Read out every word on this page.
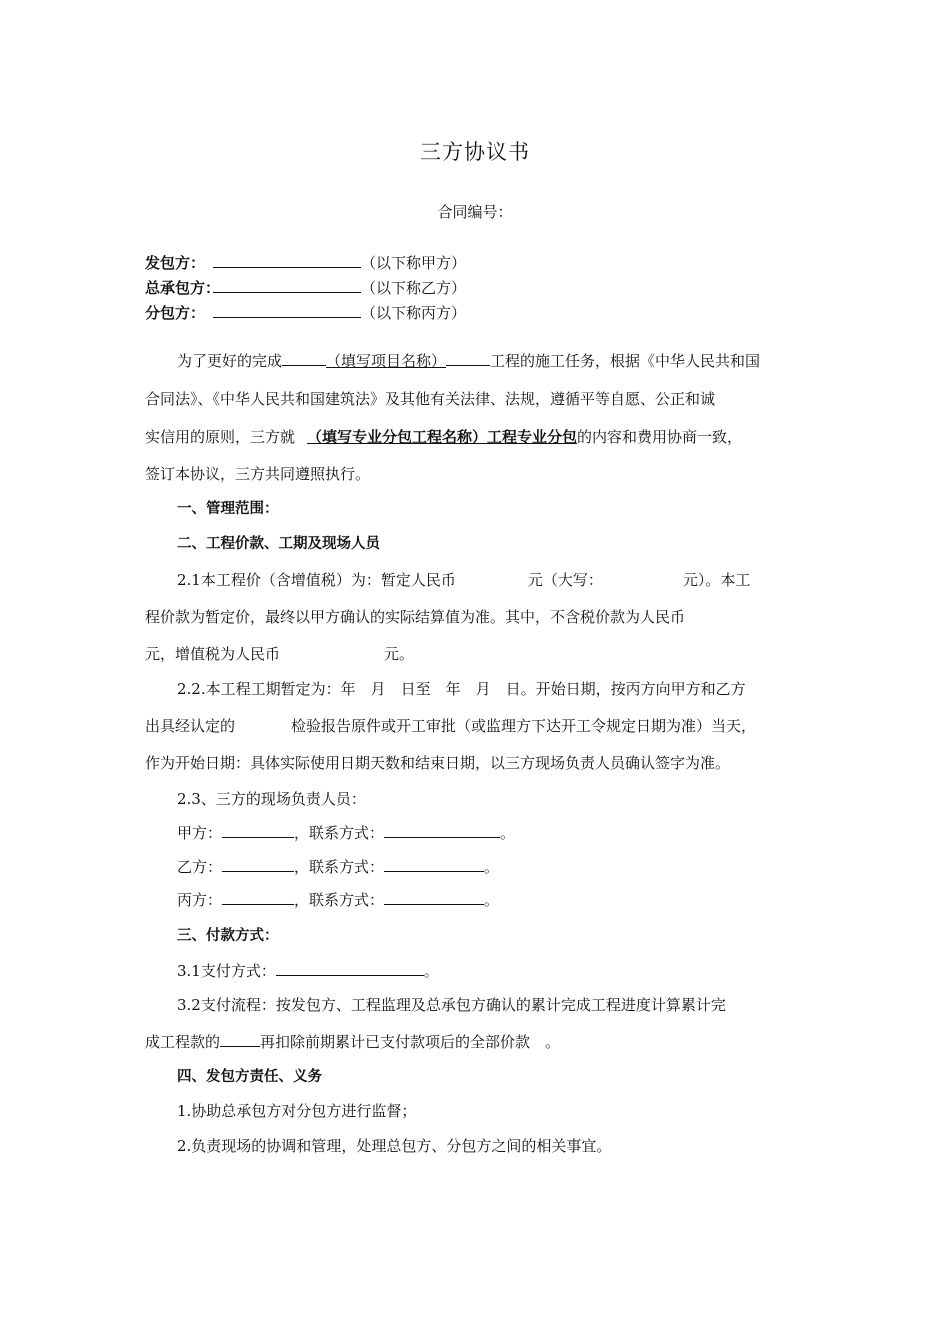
三方协议书
合同编号：
发包方：	（以下称甲方）
总承包方：	（以下称乙方）
分包方：	（以下称丙方）
为了更好的完成	（填写项目名称）	工程的施工任务，根据《中华人民共和国
合同法》、《中华人民共和国建筑法》及其他有关法律、法规，遵循平等自愿、公正和诚
实信用的原则，三方就 （填写专业分包工程名称）工程专业分包的内容和费用协商一致，
签订本协议，三方共同遵照执行。
一、管理范围：
二、工程价款、工期及现场人员
2.1本工程价（含增值税）为：暂定人民币	元（大写：	元）。本工
程价款为暂定价，最终以甲方确认的实际结算值为准。其中，不含税价款为人民币
元，增值税为人民币	元。
2.2.本工程工期暂定为：年　月　日至　年　月　日。开始日期，按丙方向甲方和乙方
出具经认定的	检验报告原件或开工审批（或监理方下达开工令规定日期为准）当天，
作为开始日期：具体实际使用日期天数和结束日期，以三方现场负责人员确认签字为准。
2.3、三方的现场负责人员：
甲方：	，联系方式：	。
乙方：	，联系方式：	。
丙方：	，联系方式：	。
三、付款方式：
3.1支付方式：	。
3.2支付流程：按发包方、工程监理及总承包方确认的累计完成工程进度计算累计完
成工程款的	再扣除前期累计已支付款项后的全部价款　。
四、发包方责任、义务
1.协助总承包方对分包方进行监督；
2.负责现场的协调和管理，处理总包方、分包方之间的相关事宜。
